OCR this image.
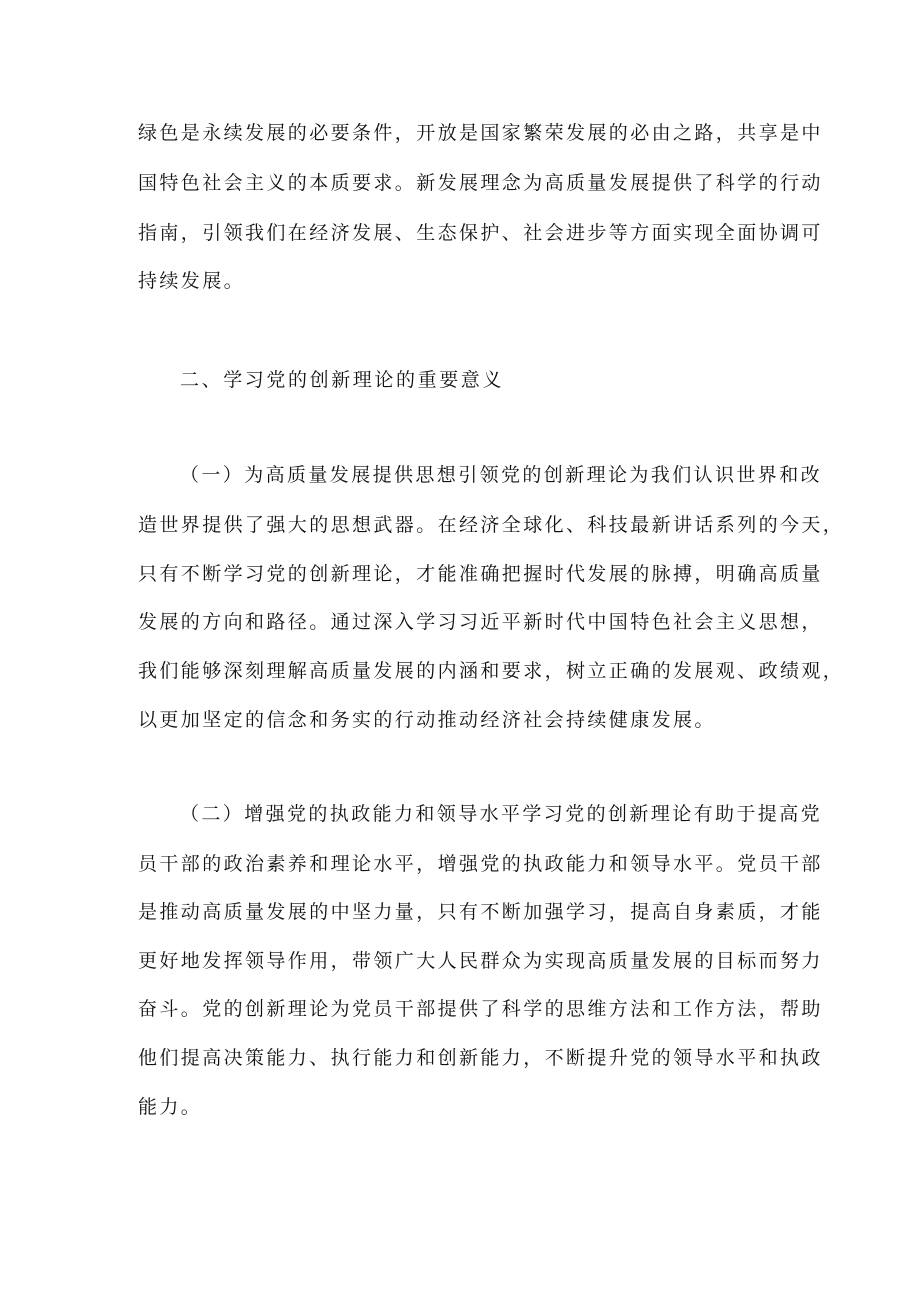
绿色是永续发展的必要条件，开放是国家繁荣发展的必由之路，共享是中
国特色社会主义的本质要求。新发展理念为高质量发展提供了科学的行动
指南，引领我们在经济发展、生态保护、社会进步等方面实现全面协调可
持续发展。
二、学习党的创新理论的重要意义
（一）为高质量发展提供思想引领党的创新理论为我们认识世界和改
造世界提供了强大的思想武器。在经济全球化、科技最新讲话系列的今天，
只有不断学习党的创新理论，才能准确把握时代发展的脉搏，明确高质量
发展的方向和路径。通过深入学习习近平新时代中国特色社会主义思想，
我们能够深刻理解高质量发展的内涵和要求，树立正确的发展观、政绩观，
以更加坚定的信念和务实的行动推动经济社会持续健康发展。
（二）增强党的执政能力和领导水平学习党的创新理论有助于提高党
员干部的政治素养和理论水平，增强党的执政能力和领导水平。党员干部
是推动高质量发展的中坚力量，只有不断加强学习，提高自身素质，才能
更好地发挥领导作用，带领广大人民群众为实现高质量发展的目标而努力
奋斗。党的创新理论为党员干部提供了科学的思维方法和工作方法，帮助
他们提高决策能力、执行能力和创新能力，不断提升党的领导水平和执政
能力。
